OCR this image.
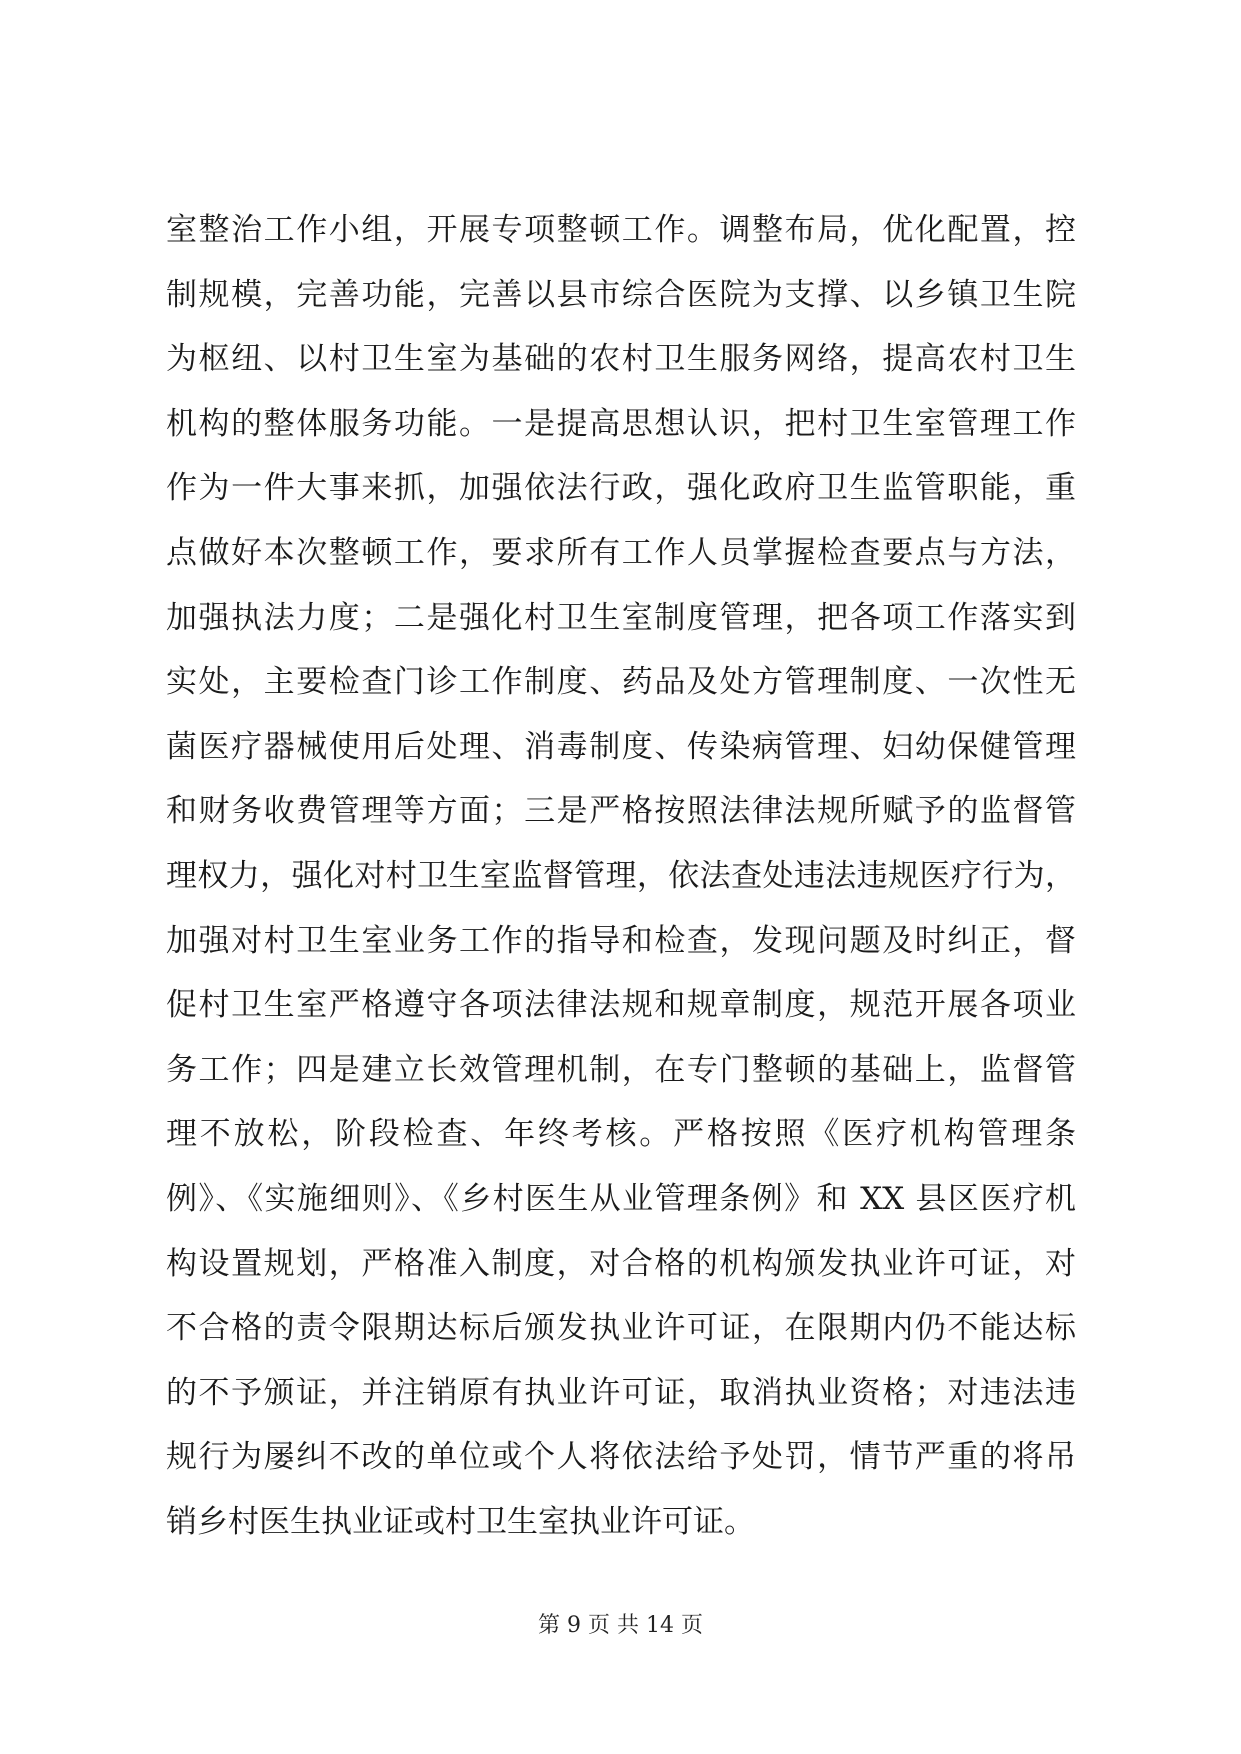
室整治工作小组，开展专项整顿工作。调整布局，优化配置，控
制规模，完善功能，完善以县市综合医院为支撑、以乡镇卫生院
为枢纽、以村卫生室为基础的农村卫生服务网络，提高农村卫生
机构的整体服务功能。一是提高思想认识，把村卫生室管理工作
作为一件大事来抓，加强依法行政，强化政府卫生监管职能，重
点做好本次整顿工作，要求所有工作人员掌握检查要点与方法，
加强执法力度；二是强化村卫生室制度管理，把各项工作落实到
实处，主要检查门诊工作制度、药品及处方管理制度、一次性无
菌医疗器械使用后处理、消毒制度、传染病管理、妇幼保健管理
和财务收费管理等方面；三是严格按照法律法规所赋予的监督管
理权力，强化对村卫生室监督管理，依法查处违法违规医疗行为，
加强对村卫生室业务工作的指导和检查，发现问题及时纠正，督
促村卫生室严格遵守各项法律法规和规章制度，规范开展各项业
务工作；四是建立长效管理机制，在专门整顿的基础上，监督管
理不放松，阶段检查、年终考核。严格按照《医疗机构管理条
例》、《实施细则》、《乡村医生从业管理条例》和 XX 县区医疗机
构设置规划，严格准入制度，对合格的机构颁发执业许可证，对
不合格的责令限期达标后颁发执业许可证，在限期内仍不能达标
的不予颁证，并注销原有执业许可证，取消执业资格；对违法违
规行为屡纠不改的单位或个人将依法给予处罚，情节严重的将吊
销乡村医生执业证或村卫生室执业许可证。
第 9 页 共 14 页
